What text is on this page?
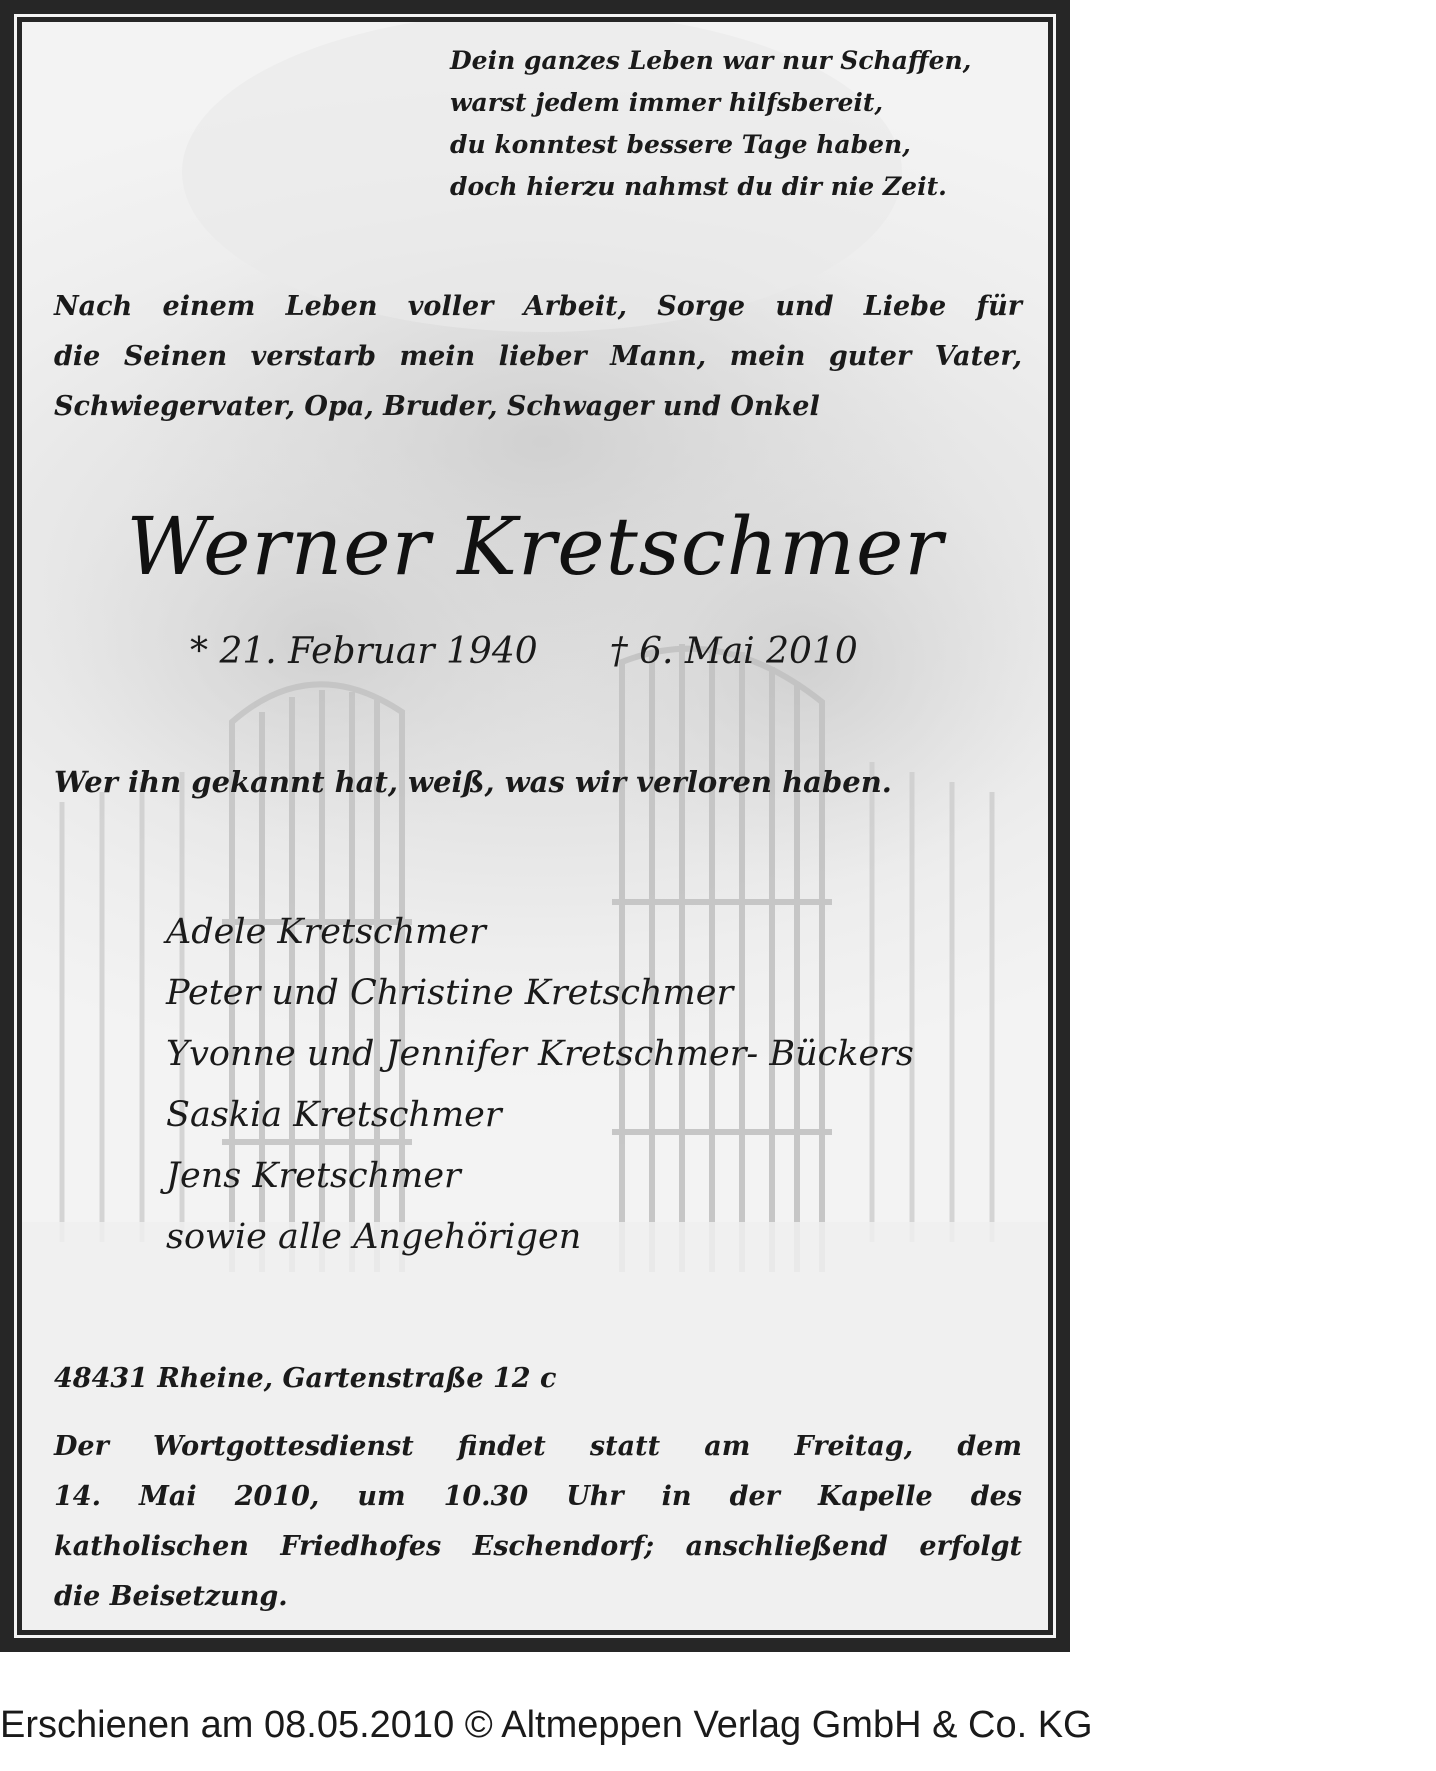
Dein ganzes Leben war nur Schaffen,
warst jedem immer hilfsbereit,
du konntest bessere Tage haben,
doch hierzu nahmst du dir nie Zeit.
Nach einem Leben voller Arbeit, Sorge und Liebe für
die Seinen verstarb mein lieber Mann, mein guter Vater,
Schwiegervater, Opa, Bruder, Schwager und Onkel
Werner Kretschmer
* 21. Februar 1940 † 6. Mai 2010
Wer ihn gekannt hat, weiß, was wir verloren haben.
Adele Kretschmer
Peter und Christine Kretschmer
Yvonne und Jennifer Kretschmer- Bückers
Saskia Kretschmer
Jens Kretschmer
sowie alle Angehörigen
48431 Rheine, Gartenstraße 12 c
Der Wortgottesdienst findet statt am Freitag, dem
14. Mai 2010, um 10.30 Uhr in der Kapelle des
katholischen Friedhofes Eschendorf; anschließend erfolgt
die Beisetzung.
Erschienen am 08.05.2010 © Altmeppen Verlag GmbH & Co. KG
